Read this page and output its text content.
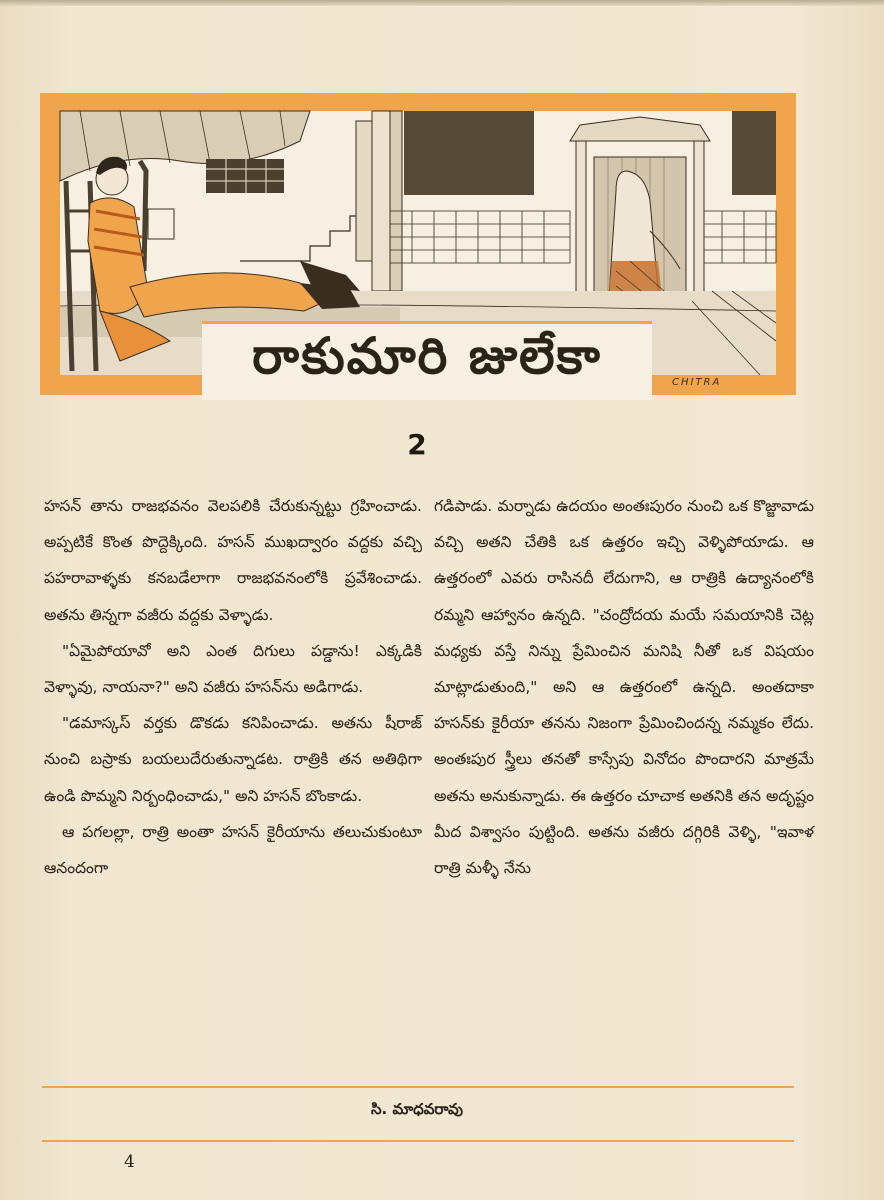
CHITRA
రాకుమారి జులేకా
2

హసన్ తాను రాజభవనం వెలపలికి చేరుకున్నట్టు గ్రహించాడు. అప్పటికే కొంత పొద్దెక్కింది. హసన్ ముఖద్వారం వద్దకు వచ్చి పహరావాళ్ళకు కనబడేలాగా రాజభవనంలోకి ప్రవేశించాడు. అతను తిన్నగా వజీరు వద్దకు వెళ్ళాడు.

"ఏమైపోయావో అని ఎంత దిగులు పడ్డాను! ఎక్కడికి వెళ్ళావు, నాయనా?" అని వజీరు హసన్‌ను అడిగాడు.

"డమాస్కస్ వర్తకు డొకడు కనిపించాడు. అతను షీరాజ్ నుంచి బస్రాకు బయలుదేరుతున్నాడట. రాత్రికి తన అతిథిగా ఉండి పొమ్మని నిర్బంధించాడు," అని హసన్ బొంకాడు.

ఆ పగలల్లా, రాత్రి అంతా హసన్ కైరీయాను తలుచుకుంటూ ఆనందంగా

గడిపాడు. మర్నాడు ఉదయం అంతఃపురం నుంచి ఒక కొజ్జావాడు వచ్చి అతని చేతికి ఒక ఉత్తరం ఇచ్చి వెళ్ళిపోయాడు. ఆ ఉత్తరంలో ఎవరు రాసినదీ లేదుగాని, ఆ రాత్రికి ఉద్యానంలోకి రమ్మని ఆహ్వానం ఉన్నది. "చంద్రోదయ మయే సమయానికి చెట్ల మధ్యకు వస్తే నిన్ను ప్రేమించిన మనిషి నీతో ఒక విషయం మాట్లాడుతుంది," అని ఆ ఉత్తరంలో ఉన్నది. అంతదాకా హసన్‌కు కైరీయా తనను నిజంగా ప్రేమించిందన్న నమ్మకం లేదు. అంతఃపుర స్త్రీలు తనతో కాస్సేపు వినోదం పొందారని మాత్రమే అతను అనుకున్నాడు. ఈ ఉత్తరం చూచాక అతనికి తన అదృష్టం మీద విశ్వాసం పుట్టింది. అతను వజీరు దగ్గిరికి వెళ్ళి, "ఇవాళ రాత్రి మళ్ళీ నేను

సి. మాధవరావు
4
